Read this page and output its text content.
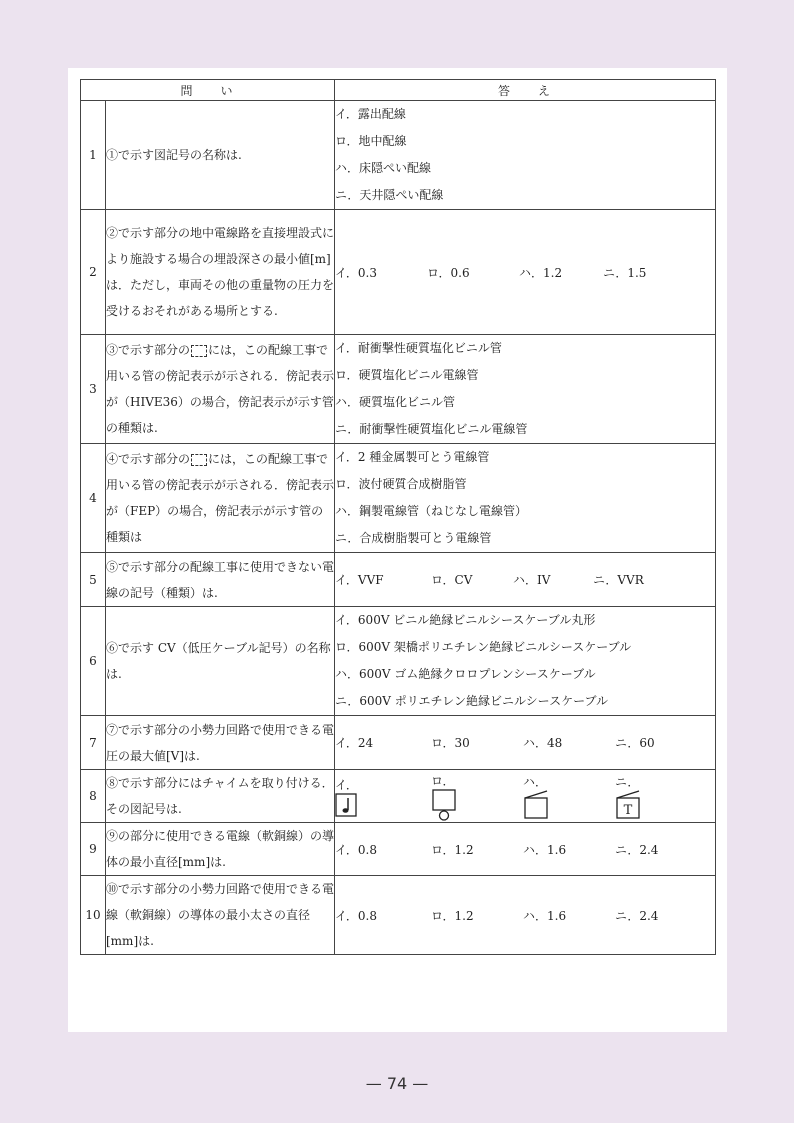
問 い		答 え
1	①で示す図記号の名称は.	イ．露出配線
ロ．地中配線
ハ．床隠ぺい配線
ニ．天井隠ぺい配線

2	②で示す部分の地中電線路を直接埋設式により施設する場合の埋設深さの最小値[m]は．ただし，車両その他の重量物の圧力を受けるおそれがある場所とする.	イ．0.3 ロ．0.6 ハ．1.2 ニ．1.5

3	③で示す部分の には，この配線工事で用いる管の傍記表示が示される．傍記表示が（HIVE36）の場合，傍記表示が示す管の種類は.	イ．耐衝撃性硬質塩化ビニル管
ロ．硬質塩化ビニル電線管
ハ．硬質塩化ビニル管
ニ．耐衝撃性硬質塩化ビニル電線管

4	④で示す部分の には，この配線工事で用いる管の傍記表示が示される．傍記表示が（FEP）の場合，傍記表示が示す管の種類は	イ．2 種金属製可とう電線管
ロ．波付硬質合成樹脂管
ハ．鋼製電線管（ねじなし電線管）
ニ．合成樹脂製可とう電線管

5	⑤で示す部分の配線工事に使用できない電線の記号（種類）は.	イ．VVF ロ．CV ハ．IV ニ．VVR

6	⑥で示す CV（低圧ケーブル記号）の名称は.	イ．600V ビニル絶縁ビニルシースケーブル丸形
ロ．600V 架橋ポリエチレン絶縁ビニルシースケーブル
ハ．600V ゴム絶縁クロロプレンシースケーブル
ニ．600V ポリエチレン絶縁ビニルシースケーブル

7	⑦で示す部分の小勢力回路で使用できる電圧の最大値[V]は.	イ．24 ロ．30 ハ．48 ニ．60

8	⑧で示す部分にはチャイムを取り付ける．その図記号は.	イ． ロ． ハ． ニ．
T

9	⑨の部分に使用できる電線（軟銅線）の導体の最小直径[mm]は.	イ．0.8 ロ．1.2 ハ．1.6 ニ．2.4

10	⑩で示す部分の小勢力回路で使用できる電線（軟銅線）の導体の最小太さの直径[mm]は.	イ．0.8 ロ．1.2 ハ．1.6 ニ．2.4
— 74 —
